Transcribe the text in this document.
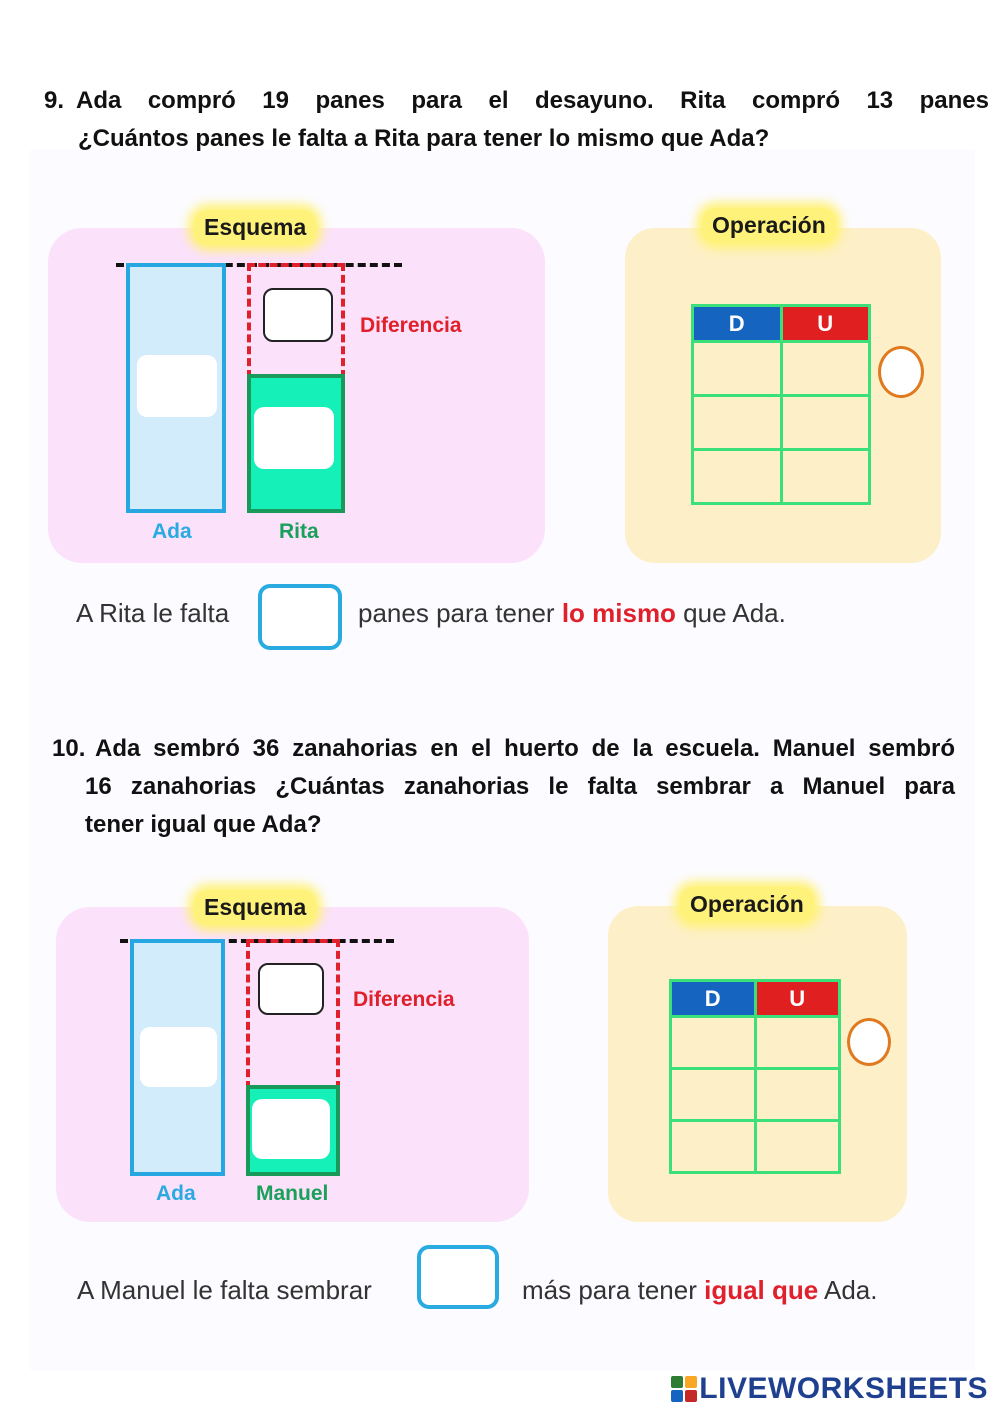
9. Ada compró 19 panes para el desayuno. Rita compró 13 panes
¿Cuántos panes le falta a Rita para tener lo mismo que Ada?
Esquema
Diferencia
Ada	Rita
Operación
D	U

A Rita le falta	panes para tener lo mismo que Ada.
10. Ada sembró 36 zanahorias en el huerto de la escuela. Manuel sembró
16 zanahorias ¿Cuántas zanahorias le falta sembrar a Manuel para
tener igual que Ada?
Esquema
Diferencia
Ada	Manuel
Operación
D	U

A Manuel le falta sembrar	más para tener igual que Ada.
LIVEWORKSHEETS
